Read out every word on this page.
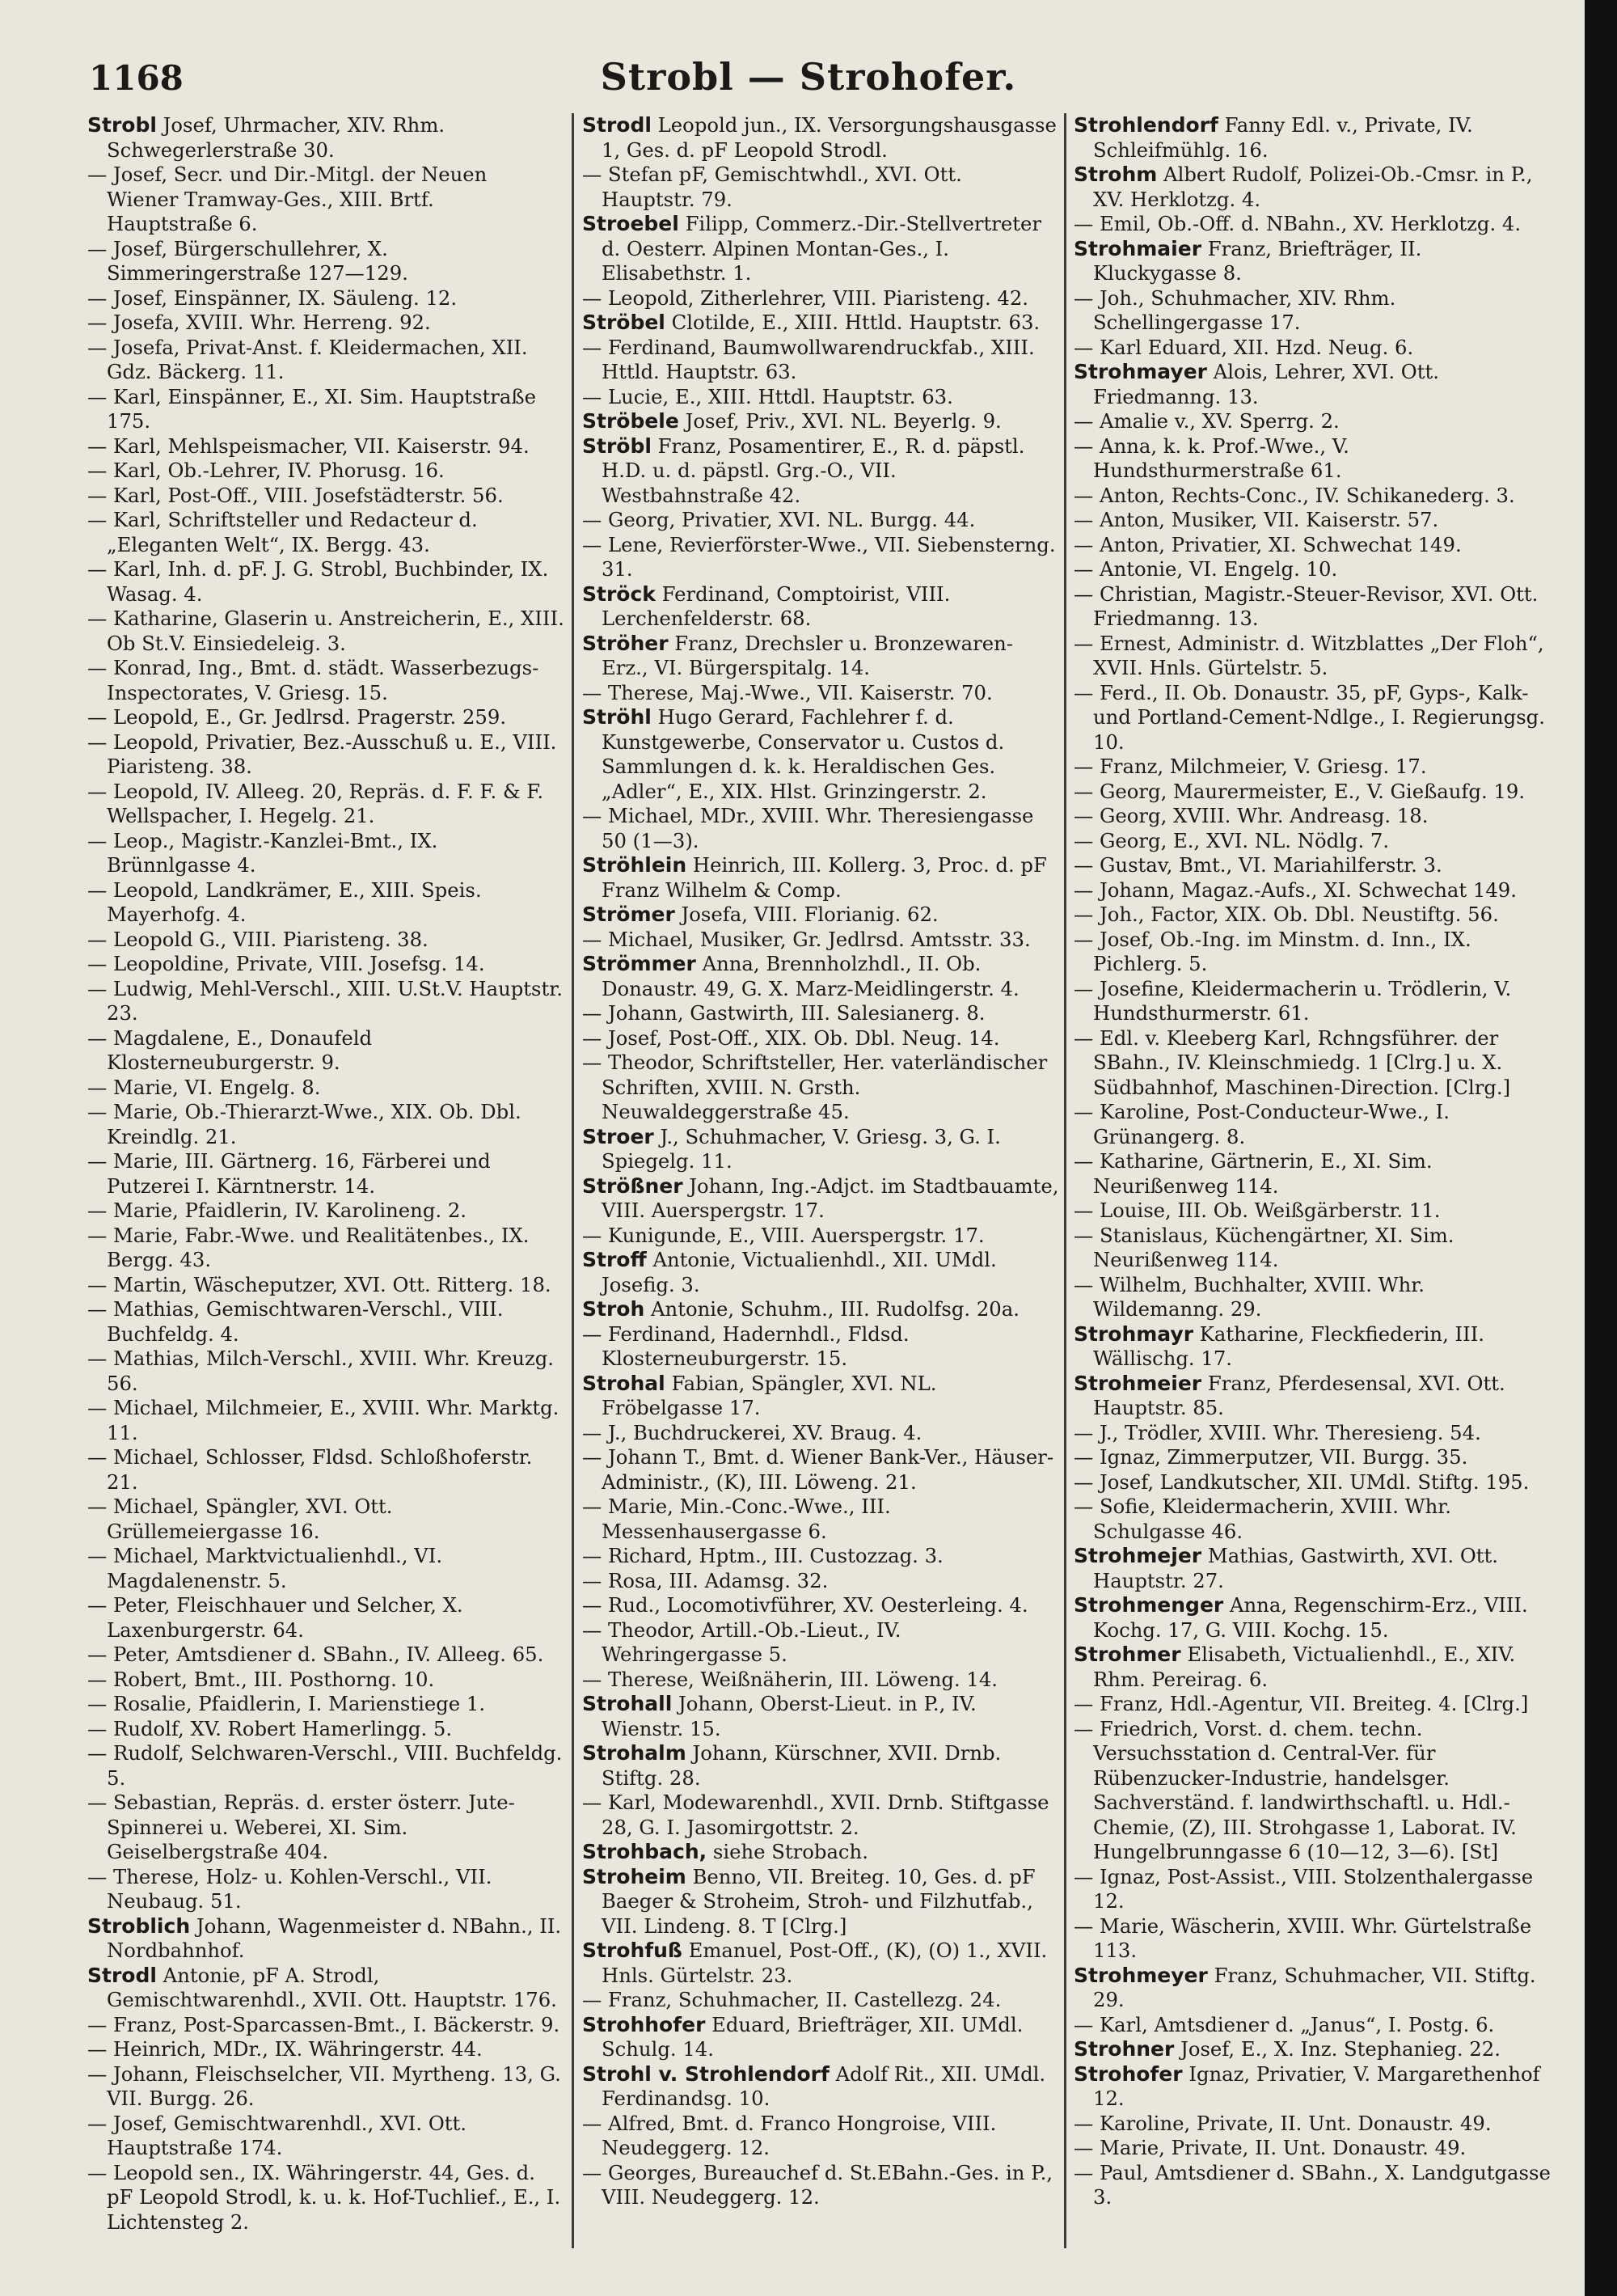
1168	Strobl — Strohofer.

Strobl Josef, Uhrmacher, XIV. Rhm. Schwegerlerstraße 30.

— Josef, Secr. und Dir.-Mitgl. der Neuen Wiener Tramway-Ges., XIII. Brtf. Hauptstraße 6.

— Josef, Bürgerschullehrer, X. Simmeringerstraße 127—129.

— Josef, Einspänner, IX. Säuleng. 12.

— Josefa, XVIII. Whr. Herreng. 92.

— Josefa, Privat-Anst. f. Kleidermachen, XII. Gdz. Bäckerg. 11.

— Karl, Einspänner, E., XI. Sim. Hauptstraße 175.

— Karl, Mehlspeismacher, VII. Kaiserstr. 94.

— Karl, Ob.-Lehrer, IV. Phorusg. 16.

— Karl, Post-Off., VIII. Josefstädterstr. 56.

— Karl, Schriftsteller und Redacteur d. „Eleganten Welt“, IX. Bergg. 43.

— Karl, Inh. d. pF. J. G. Strobl, Buchbinder, IX. Wasag. 4.

— Katharine, Glaserin u. Anstreicherin, E., XIII. Ob St.V. Einsiedeleig. 3.

— Konrad, Ing., Bmt. d. städt. Wasserbezugs-Inspectorates, V. Griesg. 15.

— Leopold, E., Gr. Jedlrsd. Pragerstr. 259.

— Leopold, Privatier, Bez.-Ausschuß u. E., VIII. Piaristeng. 38.

— Leopold, IV. Alleeg. 20, Repräs. d. F. F. & F. Wellspacher, I. Hegelg. 21.

— Leop., Magistr.-Kanzlei-Bmt., IX. Brünnlgasse 4.

— Leopold, Landkrämer, E., XIII. Speis. Mayerhofg. 4.

— Leopold G., VIII. Piaristeng. 38.

— Leopoldine, Private, VIII. Josefsg. 14.

— Ludwig, Mehl-Verschl., XIII. U.St.V. Hauptstr. 23.

— Magdalene, E., Donaufeld Klosterneuburgerstr. 9.

— Marie, VI. Engelg. 8.

— Marie, Ob.-Thierarzt-Wwe., XIX. Ob. Dbl. Kreindlg. 21.

— Marie, III. Gärtnerg. 16, Färberei und Putzerei I. Kärntnerstr. 14.

— Marie, Pfaidlerin, IV. Karolineng. 2.

— Marie, Fabr.-Wwe. und Realitätenbes., IX. Bergg. 43.

— Martin, Wäscheputzer, XVI. Ott. Ritterg. 18.

— Mathias, Gemischtwaren-Verschl., VIII. Buchfeldg. 4.

— Mathias, Milch-Verschl., XVIII. Whr. Kreuzg. 56.

— Michael, Milchmeier, E., XVIII. Whr. Marktg. 11.

— Michael, Schlosser, Fldsd. Schloßhoferstr. 21.

— Michael, Spängler, XVI. Ott. Grüllemeiergasse 16.

— Michael, Marktvictualienhdl., VI. Magdalenenstr. 5.

— Peter, Fleischhauer und Selcher, X. Laxenburgerstr. 64.

— Peter, Amtsdiener d. SBahn., IV. Alleeg. 65.

— Robert, Bmt., III. Posthorng. 10.

— Rosalie, Pfaidlerin, I. Marienstiege 1.

— Rudolf, XV. Robert Hamerlingg. 5.

— Rudolf, Selchwaren-Verschl., VIII. Buchfeldg. 5.

— Sebastian, Repräs. d. erster österr. Jute-Spinnerei u. Weberei, XI. Sim. Geiselbergstraße 404.

— Therese, Holz- u. Kohlen-Verschl., VII. Neubaug. 51.

Stroblich Johann, Wagenmeister d. NBahn., II. Nordbahnhof.

Strodl Antonie, pF A. Strodl, Gemischtwarenhdl., XVII. Ott. Hauptstr. 176.

— Franz, Post-Sparcassen-Bmt., I. Bäckerstr. 9.

— Heinrich, MDr., IX. Währingerstr. 44.

— Johann, Fleischselcher, VII. Myrtheng. 13, G. VII. Burgg. 26.

— Josef, Gemischtwarenhdl., XVI. Ott. Hauptstraße 174.

— Leopold sen., IX. Währingerstr. 44, Ges. d. pF Leopold Strodl, k. u. k. Hof-Tuchlief., E., I. Lichtensteg 2.

Strodl Leopold jun., IX. Versorgungshausgasse 1, Ges. d. pF Leopold Strodl.

— Stefan pF, Gemischtwhdl., XVI. Ott. Hauptstr. 79.

Stroebel Filipp, Commerz.-Dir.-Stellvertreter d. Oesterr. Alpinen Montan-Ges., I. Elisabethstr. 1.

— Leopold, Zitherlehrer, VIII. Piaristeng. 42.

Ströbel Clotilde, E., XIII. Httld. Hauptstr. 63.

— Ferdinand, Baumwollwarendruckfab., XIII. Httld. Hauptstr. 63.

— Lucie, E., XIII. Httdl. Hauptstr. 63.

Ströbele Josef, Priv., XVI. NL. Beyerlg. 9.

Ströbl Franz, Posamentirer, E., R. d. päpstl. H.D. u. d. päpstl. Grg.-O., VII. Westbahnstraße 42.

— Georg, Privatier, XVI. NL. Burgg. 44.

— Lene, Revierförster-Wwe., VII. Siebensterng. 31.

Ströck Ferdinand, Comptoirist, VIII. Lerchenfelderstr. 68.

Ströher Franz, Drechsler u. Bronzewaren-Erz., VI. Bürgerspitalg. 14.

— Therese, Maj.-Wwe., VII. Kaiserstr. 70.

Ströhl Hugo Gerard, Fachlehrer f. d. Kunstgewerbe, Conservator u. Custos d. Sammlungen d. k. k. Heraldischen Ges. „Adler“, E., XIX. Hlst. Grinzingerstr. 2.

— Michael, MDr., XVIII. Whr. Theresiengasse 50 (1—3).

Ströhlein Heinrich, III. Kollerg. 3, Proc. d. pF Franz Wilhelm & Comp.

Strömer Josefa, VIII. Florianig. 62.

— Michael, Musiker, Gr. Jedlrsd. Amtsstr. 33.

Strömmer Anna, Brennholzhdl., II. Ob. Donaustr. 49, G. X. Marz-Meidlingerstr. 4.

— Johann, Gastwirth, III. Salesianerg. 8.

— Josef, Post-Off., XIX. Ob. Dbl. Neug. 14.

— Theodor, Schriftsteller, Her. vaterländischer Schriften, XVIII. N. Grsth. Neuwaldeggerstraße 45.

Stroer J., Schuhmacher, V. Griesg. 3, G. I. Spiegelg. 11.

Strößner Johann, Ing.-Adjct. im Stadtbauamte, VIII. Auerspergstr. 17.

— Kunigunde, E., VIII. Auerspergstr. 17.

Stroff Antonie, Victualienhdl., XII. UMdl. Josefig. 3.

Stroh Antonie, Schuhm., III. Rudolfsg. 20a.

— Ferdinand, Hadernhdl., Fldsd. Klosterneuburgerstr. 15.

Strohal Fabian, Spängler, XVI. NL. Fröbelgasse 17.

— J., Buchdruckerei, XV. Braug. 4.

— Johann T., Bmt. d. Wiener Bank-Ver., Häuser-Administr., (K), III. Löweng. 21.

— Marie, Min.-Conc.-Wwe., III. Messenhausergasse 6.

— Richard, Hptm., III. Custozzag. 3.

— Rosa, III. Adamsg. 32.

— Rud., Locomotivführer, XV. Oesterleing. 4.

— Theodor, Artill.-Ob.-Lieut., IV. Wehringergasse 5.

— Therese, Weißnäherin, III. Löweng. 14.

Strohall Johann, Oberst-Lieut. in P., IV. Wienstr. 15.

Strohalm Johann, Kürschner, XVII. Drnb. Stiftg. 28.

— Karl, Modewarenhdl., XVII. Drnb. Stiftgasse 28, G. I. Jasomirgottstr. 2.

Strohbach, siehe Strobach.

Stroheim Benno, VII. Breiteg. 10, Ges. d. pF Baeger & Stroheim, Stroh- und Filzhutfab., VII. Lindeng. 8. T [Clrg.]

Strohfuß Emanuel, Post-Off., (K), (O) 1., XVII. Hnls. Gürtelstr. 23.

— Franz, Schuhmacher, II. Castellezg. 24.

Strohhofer Eduard, Briefträger, XII. UMdl. Schulg. 14.

Strohl v. Strohlendorf Adolf Rit., XII. UMdl. Ferdinandsg. 10.

— Alfred, Bmt. d. Franco Hongroise, VIII. Neudeggerg. 12.

— Georges, Bureauchef d. St.EBahn.-Ges. in P., VIII. Neudeggerg. 12.

Strohlendorf Fanny Edl. v., Private, IV. Schleifmühlg. 16.

Strohm Albert Rudolf, Polizei-Ob.-Cmsr. in P., XV. Herklotzg. 4.

— Emil, Ob.-Off. d. NBahn., XV. Herklotzg. 4.

Strohmaier Franz, Briefträger, II. Kluckygasse 8.

— Joh., Schuhmacher, XIV. Rhm. Schellingergasse 17.

— Karl Eduard, XII. Hzd. Neug. 6.

Strohmayer Alois, Lehrer, XVI. Ott. Friedmanng. 13.

— Amalie v., XV. Sperrg. 2.

— Anna, k. k. Prof.-Wwe., V. Hundsthurmerstraße 61.

— Anton, Rechts-Conc., IV. Schikanederg. 3.

— Anton, Musiker, VII. Kaiserstr. 57.

— Anton, Privatier, XI. Schwechat 149.

— Antonie, VI. Engelg. 10.

— Christian, Magistr.-Steuer-Revisor, XVI. Ott. Friedmanng. 13.

— Ernest, Administr. d. Witzblattes „Der Floh“, XVII. Hnls. Gürtelstr. 5.

— Ferd., II. Ob. Donaustr. 35, pF, Gyps-, Kalk- und Portland-Cement-Ndlge., I. Regierungsg. 10.

— Franz, Milchmeier, V. Griesg. 17.

— Georg, Maurermeister, E., V. Gießaufg. 19.

— Georg, XVIII. Whr. Andreasg. 18.

— Georg, E., XVI. NL. Nödlg. 7.

— Gustav, Bmt., VI. Mariahilferstr. 3.

— Johann, Magaz.-Aufs., XI. Schwechat 149.

— Joh., Factor, XIX. Ob. Dbl. Neustiftg. 56.

— Josef, Ob.-Ing. im Minstm. d. Inn., IX. Pichlerg. 5.

— Josefine, Kleidermacherin u. Trödlerin, V. Hundsthurmerstr. 61.

— Edl. v. Kleeberg Karl, Rchngsführer. der SBahn., IV. Kleinschmiedg. 1 [Clrg.] u. X. Südbahnhof, Maschinen-Direction. [Clrg.]

— Karoline, Post-Conducteur-Wwe., I. Grünangerg. 8.

— Katharine, Gärtnerin, E., XI. Sim. Neurißenweg 114.

— Louise, III. Ob. Weißgärberstr. 11.

— Stanislaus, Küchengärtner, XI. Sim. Neurißenweg 114.

— Wilhelm, Buchhalter, XVIII. Whr. Wildemanng. 29.

Strohmayr Katharine, Fleckfiederin, III. Wällischg. 17.

Strohmeier Franz, Pferdesensal, XVI. Ott. Hauptstr. 85.

— J., Trödler, XVIII. Whr. Theresieng. 54.

— Ignaz, Zimmerputzer, VII. Burgg. 35.

— Josef, Landkutscher, XII. UMdl. Stiftg. 195.

— Sofie, Kleidermacherin, XVIII. Whr. Schulgasse 46.

Strohmejer Mathias, Gastwirth, XVI. Ott. Hauptstr. 27.

Strohmenger Anna, Regenschirm-Erz., VIII. Kochg. 17, G. VIII. Kochg. 15.

Strohmer Elisabeth, Victualienhdl., E., XIV. Rhm. Pereirag. 6.

— Franz, Hdl.-Agentur, VII. Breiteg. 4. [Clrg.]

— Friedrich, Vorst. d. chem. techn. Versuchsstation d. Central-Ver. für Rübenzucker-Industrie, handelsger. Sachverständ. f. landwirthschaftl. u. Hdl.-Chemie, (Z), III. Strohgasse 1, Laborat. IV. Hungelbrunngasse 6 (10—12, 3—6). [St]

— Ignaz, Post-Assist., VIII. Stolzenthalergasse 12.

— Marie, Wäscherin, XVIII. Whr. Gürtelstraße 113.

Strohmeyer Franz, Schuhmacher, VII. Stiftg. 29.

— Karl, Amtsdiener d. „Janus“, I. Postg. 6.

Strohner Josef, E., X. Inz. Stephanieg. 22.

Strohofer Ignaz, Privatier, V. Margarethenhof 12.

— Karoline, Private, II. Unt. Donaustr. 49.

— Marie, Private, II. Unt. Donaustr. 49.

— Paul, Amtsdiener d. SBahn., X. Landgutgasse 3.
